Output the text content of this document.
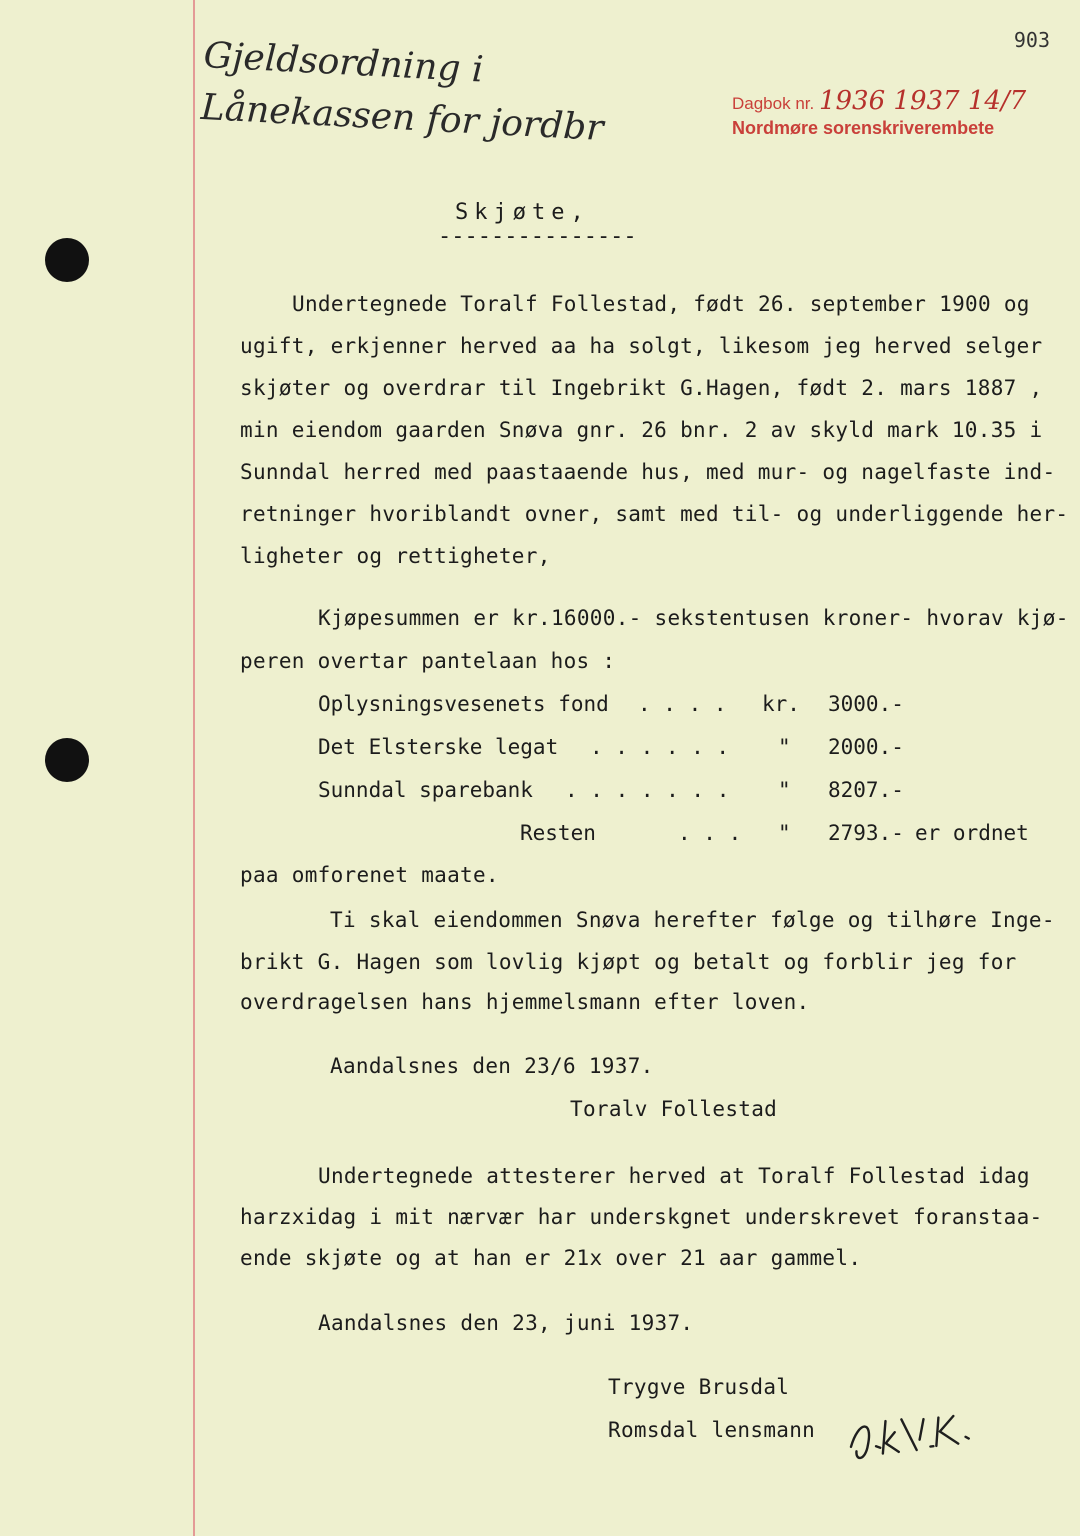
903
Gjeldsordning i
Lånekassen for jordbr	Dagbok nr. 1936 1937 14/7
Nordmøre sorenskriverembete
Skjøte,
---------------
Undertegnede Toralf Follestad, født 26. september 1900 og
ugift, erkjenner herved aa ha solgt, likesom jeg herved selger
skjøter og overdrar til Ingebrikt G.Hagen, født 2. mars 1887 ,
min eiendom gaarden Snøva gnr. 26 bnr. 2 av skyld mark 10.35 i
Sunndal herred med paastaaende hus, med mur- og nagelfaste ind-
retninger hvoriblandt ovner, samt med til- og underliggende her-
ligheter og rettigheter,
Kjøpesummen er kr.16000.- sekstentusen kroner- hvorav kjø-
peren overtar pantelaan hos :
Oplysningsvesenets fond . . . . kr. 3000.-
Det Elsterske legat . . . . . . " 2000.-
Sunndal sparebank . . . . . . . " 8207.-
Resten	. . . " 2793.- er ordnet
paa omforenet maate.
Ti skal eiendommen Snøva herefter følge og tilhøre Inge-
brikt G. Hagen som lovlig kjøpt og betalt og forblir jeg for
overdragelsen hans hjemmelsmann efter loven.
Aandalsnes den 23/6 1937.
Toralv Follestad
Undertegnede attesterer herved at Toralf Follestad idag
harzxidag i mit nærvær har underskgnet underskrevet foranstaa-
ende skjøte og at han er 21x over 21 aar gammel.
Aandalsnes den 23, juni 1937.
Trygve Brusdal
Romsdal lensmann
